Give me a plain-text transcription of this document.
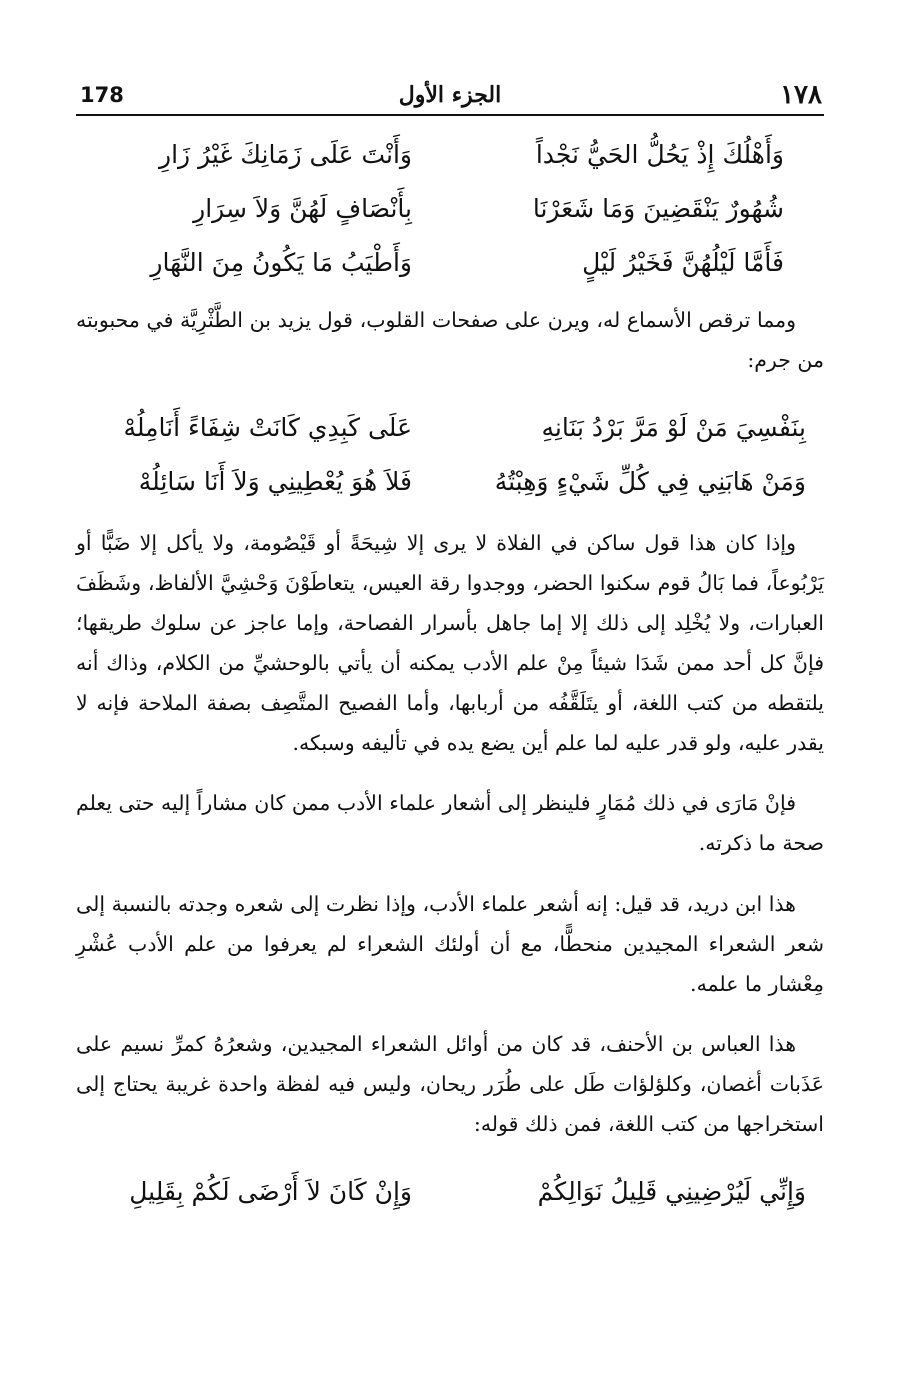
١٧٨
الجزء الأول
178
وَأَهْلُكَ إِذْ يَحُلُّ الحَيُّ نَجْداً
وَأَنْتَ عَلَى زَمَانِكَ غَيْرُ زَارِ
شُهُورٌ يَنْقَضِينَ وَمَا شَعَرْنَا
بِأَنْصَافٍ لَهُنَّ وَلاَ سِرَارِ
فَأَمَّا لَيْلُهُنَّ فَخَيْرُ لَيْلٍ
وَأَطْيَبُ مَا يَكُونُ مِنَ النَّهَارِ

ومما ترقص الأسماع له، ويرن على صفحات القلوب، قول يزيد بن الطَّثْرِيَّة في محبوبته من جرم:

بِنَفْسِيَ مَنْ لَوْ مَرَّ بَرْدُ بَنَانِهِ
عَلَى كَبِدِي كَانَتْ شِفَاءً أَنَامِلُهْ
وَمَنْ هَابَنِي فِي كُلِّ شَيْءٍ وَهِبْتُهُ
فَلاَ هُوَ يُعْطِينِي وَلاَ أَنَا سَائِلُهْ

وإذا كان هذا قول ساكن في الفلاة لا يرى إلا شِيحَةً أو قَيْصُومة، ولا يأكل إلا ضَبًّا أو يَرْبُوعاً، فما بَالُ قوم سكنوا الحضر، ووجدوا رقة العيس، يتعاطَوْنَ وَحْشِيَّ الألفاظ، وشَظَفَ العبارات، ولا يُخْلِد إلى ذلك إلا إما جاهل بأسرار الفصاحة، وإما عاجز عن سلوك طريقها؛ فإنَّ كل أحد ممن شَدَا شيئاً مِنْ علم الأدب يمكنه أن يأتي بالوحشيِّ من الكلام، وذاك أنه يلتقطه من كتب اللغة، أو يتَلَقَّفُه من أربابها، وأما الفصيح المتَّصِف بصفة الملاحة فإنه لا يقدر عليه، ولو قدر عليه لما علم أين يضع يده في تأليفه وسبكه.

فإنْ مَارَى في ذلك مُمَارٍ فلينظر إلى أشعار علماء الأدب ممن كان مشاراً إليه حتى يعلم صحة ما ذكرته.

هذا ابن دريد، قد قيل: إنه أشعر علماء الأدب، وإذا نظرت إلى شعره وجدته بالنسبة إلى شعر الشعراء المجيدين منحطًّا، مع أن أولئك الشعراء لم يعرفوا من علم الأدب عُشْرِ مِعْشار ما علمه.

هذا العباس بن الأحنف، قد كان من أوائل الشعراء المجيدين، وشعرُهُ كمرِّ نسيم على عَذَبات أغصان، وكلؤلؤات طَل على طُرَر ريحان، وليس فيه لفظة واحدة غريبة يحتاج إلى استخراجها من كتب اللغة، فمن ذلك قوله:

وَإِنِّي لَيُرْضِينِي قَلِيلُ نَوَالِكُمْ
وَإِنْ كَانَ لاَ أَرْضَى لَكُمْ بِقَلِيلِ
